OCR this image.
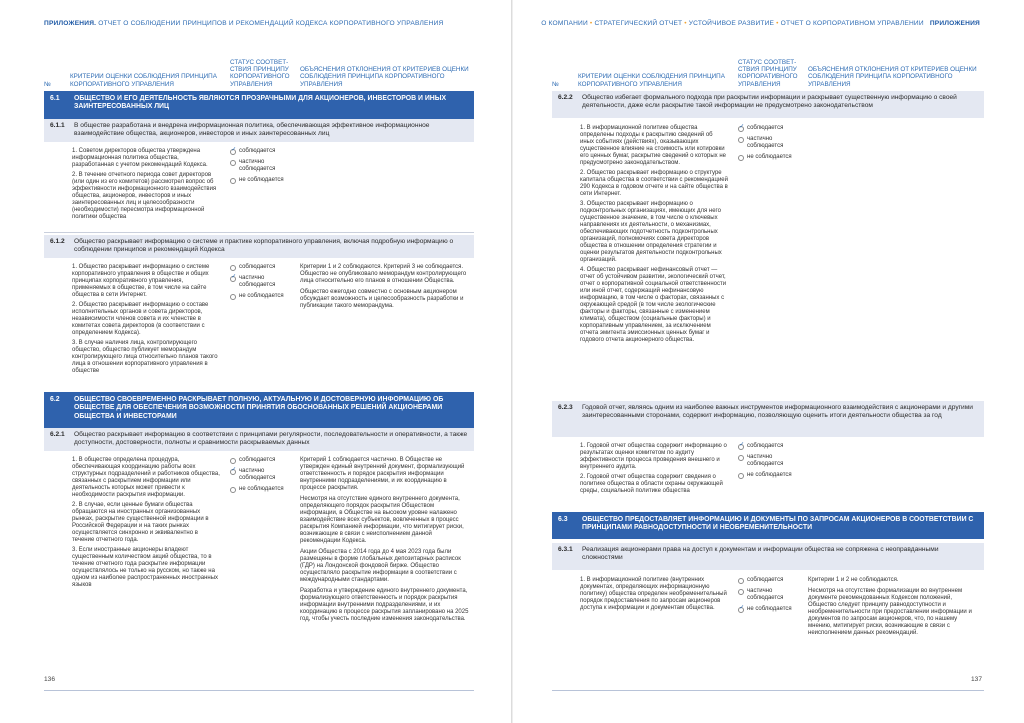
ПРИЛОЖЕНИЯ. ОТЧЕТ О СОБЛЮДЕНИИ ПРИНЦИПОВ И РЕКОМЕНДАЦИЙ КОДЕКСА КОРПОРАТИВНОГО УПРАВЛЕНИЯ
№
КРИТЕРИИ ОЦЕНКИ СОБЛЮДЕНИЯ ПРИНЦИПА КОРПОРАТИВНОГО УПРАВЛЕНИЯ
СТАТУС СООТВЕТ-СТВИЯ ПРИНЦИПУ КОРПОРАТИВНОГО УПРАВЛЕНИЯ
ОБЪЯСНЕНИЯ ОТКЛОНЕНИЯ ОТ КРИТЕРИЕВ ОЦЕНКИ СОБЛЮДЕНИЯ ПРИНЦИПА КОРПОРАТИВНОГО УПРАВЛЕНИЯ
6.1 ОБЩЕСТВО И ЕГО ДЕЯТЕЛЬНОСТЬ ЯВЛЯЮТСЯ ПРОЗРАЧНЫМИ ДЛЯ АКЦИОНЕРОВ, ИНВЕСТОРОВ И ИНЫХ ЗАИНТЕРЕСОВАННЫХ ЛИЦ
6.1.1 В обществе разработана и внедрена информационная политика, обеспечивающая эффективное информационное взаимодействие общества, акционеров, инвесторов и иных заинтересованных лиц

1. Советом директоров общества утверждена информационная политика общества, разработанная с учетом рекомендаций Кодекса.

2. В течение отчетного периода совет директоров (или один из его комитетов) рассмотрел вопрос об эффективности информационного взаимодействия общества, акционеров, инвесторов и иных заинтересованных лиц и целесообразности (необходимости) пересмотра информационной политики общества

✓
соблюдается
частично соблюдается
не соблюдается
6.1.2 Общество раскрывает информацию о системе и практике корпоративного управления, включая подробную информацию о соблюдении принципов и рекомендаций Кодекса

1. Общество раскрывает информацию о системе корпоративного управления в обществе и общих принципах корпоративного управления, применяемых в обществе, в том числе на сайте общества в сети Интернет.

2. Общество раскрывает информацию о составе исполнительных органов и совета директоров, независимости членов совета и их членстве в комитетах совета директоров (в соответствии с определением Кодекса).

3. В случае наличия лица, контролирующего общество, общество публикует меморандум контролирующего лица относительно планов такого лица в отношении корпоративного управления в обществе

соблюдается
✓
частично соблюдается
не соблюдается

Критерии 1 и 2 соблюдаются. Критерий 3 не соблюдается. Общество не опубликовало меморандум контролирующего лица относительно его планов в отношении Общества.

Общество ежегодно совместно с основным акционером обсуждает возможность и целесообразность разработки и публикации такого меморандума.

6.2 ОБЩЕСТВО СВОЕВРЕМЕННО РАСКРЫВАЕТ ПОЛНУЮ, АКТУАЛЬНУЮ И ДОСТОВЕРНУЮ ИНФОРМАЦИЮ ОБ ОБЩЕСТВЕ ДЛЯ ОБЕСПЕЧЕНИЯ ВОЗМОЖНОСТИ ПРИНЯТИЯ ОБОСНОВАННЫХ РЕШЕНИЙ АКЦИОНЕРАМИ ОБЩЕСТВА И ИНВЕСТОРАМИ
6.2.1 Общество раскрывает информацию в соответствии с принципами регулярности, последовательности и оперативности, а также доступности, достоверности, полноты и сравнимости раскрываемых данных

1. В обществе определена процедура, обеспечивающая координацию работы всех структурных подразделений и работников общества, связанных с раскрытием информации или деятельность которых может привести к необходимости раскрытия информации.

2. В случае, если ценные бумаги общества обращаются на иностранных организованных рынках, раскрытие существенной информации в Российской Федерации и на таких рынках осуществляется синхронно и эквивалентно в течение отчетного года.

3. Если иностранные акционеры владеют существенным количеством акций общества, то в течение отчетного года раскрытие информации осуществлялось не только на русском, но также на одном из наиболее распространенных иностранных языков

соблюдается
✓
частично соблюдается
не соблюдается

Критерий 1 соблюдается частично. В Обществе не утвержден единый внутренний документ, формализующий ответственность и порядок раскрытия информации внутренними подразделениями, и их координацию в процессе раскрытия.

Несмотря на отсутствие единого внутреннего документа, определяющего порядок раскрытия Обществом информации, в Обществе на высоком уровне налажено взаимодействие всех субъектов, вовлеченных в процесс раскрытия Компанией информации, что митигирует риски, возникающие в связи с неисполнением данной рекомендации Кодекса.

Акции Общества с 2014 года до 4 мая 2023 года были размещены в форме глобальных депозитарных расписок (ГДР) на Лондонской фондовой бирже. Общество осуществляло раскрытие информации в соответствии с международными стандартами.

Разработка и утверждение единого внутреннего документа, формализующего ответственность и порядок раскрытия информации внутренними подразделениями, и их координацию в процессе раскрытия запланировано на 2025 год, чтобы учесть последние изменения законодательства.

136
О КОМПАНИИ • СТРАТЕГИЧЕСКИЙ ОТЧЕТ • УСТОЙЧИВОЕ РАЗВИТИЕ • ОТЧЕТ О КОРПОРАТИВНОМ УПРАВЛЕНИИ ПРИЛОЖЕНИЯ
№
КРИТЕРИИ ОЦЕНКИ СОБЛЮДЕНИЯ ПРИНЦИПА КОРПОРАТИВНОГО УПРАВЛЕНИЯ
СТАТУС СООТВЕТ-СТВИЯ ПРИНЦИПУ КОРПОРАТИВНОГО УПРАВЛЕНИЯ
ОБЪЯСНЕНИЯ ОТКЛОНЕНИЯ ОТ КРИТЕРИЕВ ОЦЕНКИ СОБЛЮДЕНИЯ ПРИНЦИПА КОРПОРАТИВНОГО УПРАВЛЕНИЯ
6.2.2 Общество избегает формального подхода при раскрытии информации и раскрывает существенную информацию о своей деятельности, даже если раскрытие такой информации не предусмотрено законодательством

1. В информационной политике общества определены подходы к раскрытию сведений об иных событиях (действиях), оказывающих существенное влияние на стоимость или котировки его ценных бумаг, раскрытие сведений о которых не предусмотрено законодательством.

2. Общество раскрывает информацию о структуре капитала общества в соответствии с рекомендацией 290 Кодекса в годовом отчете и на сайте общества в сети Интернет.

3. Общество раскрывает информацию о подконтрольных организациях, имеющих для него существенное значение, в том числе о ключевых направлениях их деятельности, о механизмах, обеспечивающих подотчетность подконтрольных организаций, полномочиях совета директоров общества в отношении определения стратегии и оценки результатов деятельности подконтрольных организаций.

4. Общество раскрывает нефинансовый отчет — отчет об устойчивом развитии, экологический отчет, отчет о корпоративной социальной ответственности или иной отчет, содержащий нефинансовую информацию, в том числе о факторах, связанных с окружающей средой (в том числе экологические факторы и факторы, связанные с изменением климата), обществом (социальные факторы) и корпоративным управлением, за исключением отчета эмитента эмиссионных ценных бумаг и годового отчета акционерного общества.

✓
соблюдается
частично соблюдается
не соблюдается
6.2.3 Годовой отчет, являясь одним из наиболее важных инструментов информационного взаимодействия с акционерами и другими заинтересованными сторонами, содержит информацию, позволяющую оценить итоги деятельности общества за год

1. Годовой отчет общества содержит информацию о результатах оценки комитетом по аудиту эффективности процесса проведения внешнего и внутреннего аудита.

2. Годовой отчет общества содержит сведения о политике общества в области охраны окружающей среды, социальной политике общества

✓
соблюдается
частично соблюдается
не соблюдается
6.3 ОБЩЕСТВО ПРЕДОСТАВЛЯЕТ ИНФОРМАЦИЮ И ДОКУМЕНТЫ ПО ЗАПРОСАМ АКЦИОНЕРОВ В СООТВЕТСТВИИ С ПРИНЦИПАМИ РАВНОДОСТУПНОСТИ И НЕОБРЕМЕНИТЕЛЬНОСТИ
6.3.1 Реализация акционерами права на доступ к документам и информации общества не сопряжена с неоправданными сложностями

1. В информационной политике (внутренних документах, определяющих информационную политику) общества определен необременительный порядок предоставления по запросам акционеров доступа к информации и документам общества.

соблюдается
частично соблюдается
✓
не соблюдается

Критерии 1 и 2 не соблюдаются.

Несмотря на отсутствие формализации во внутреннем документе рекомендованных Кодексом положений, Общество следует принципу равнодоступности и необременительности при предоставлении информации и документов по запросам акционеров, что, по нашему мнению, митигирует риски, возникающие в связи с неисполнением данных рекомендаций.

137
